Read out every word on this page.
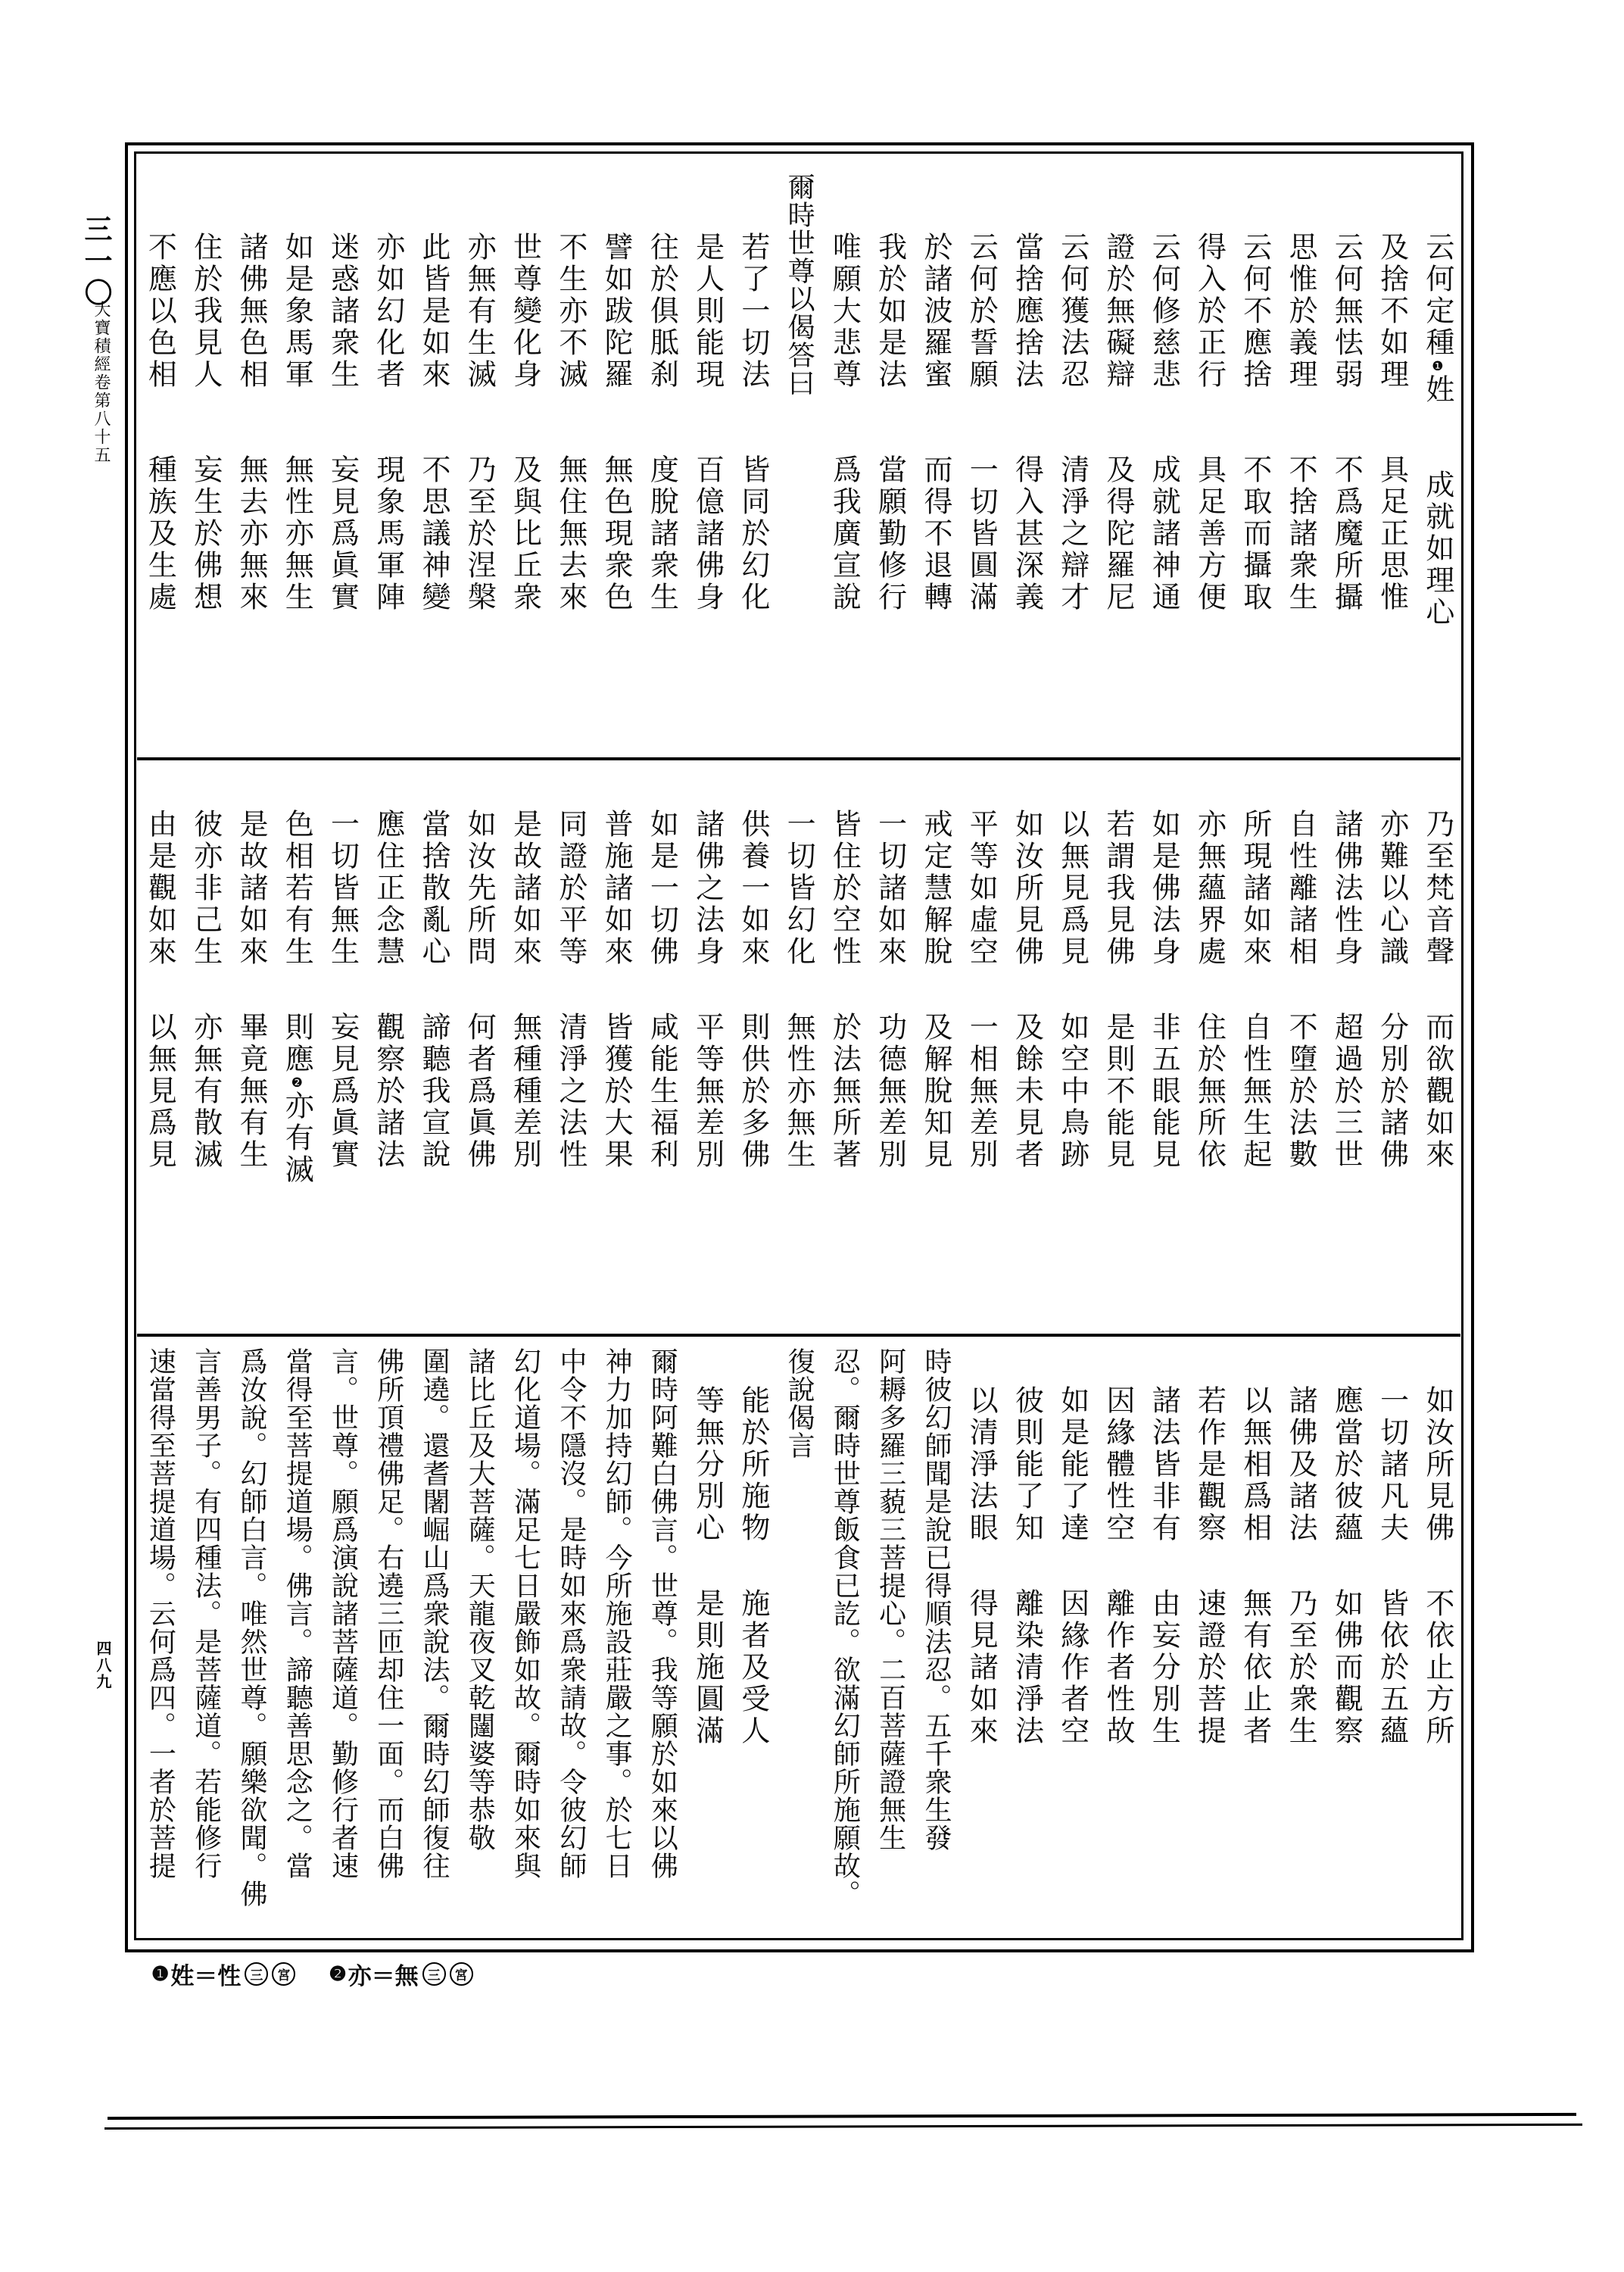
三一〇
大寶積經卷第八十五
四八九
云何定種❶姓成就如理心
及捨不如理具足正思惟
云何無怯弱不爲魔所攝
思惟於義理不捨諸衆生
云何不應捨不取而攝取
得入於正行具足善方便
云何修慈悲成就諸神通
證於無礙辯及得陀羅尼
云何獲法忍清淨之辯才
當捨應捨法得入甚深義
云何於誓願一切皆圓滿
於諸波羅蜜而得不退轉
我於如是法當願勤修行
唯願大悲尊爲我廣宣說
爾時世尊以偈答曰
若了一切法皆同於幻化
是人則能現百億諸佛身
往於俱胝刹度脫諸衆生
譬如跋陀羅無色現衆色
不生亦不滅無住無去來
世尊變化身及與比丘衆
亦無有生滅乃至於涅槃
此皆是如來不思議神變
亦如幻化者現象馬軍陣
迷惑諸衆生妄見爲眞實
如是象馬軍無性亦無生
諸佛無色相無去亦無來
住於我見人妄生於佛想
不應以色相種族及生處
乃至梵音聲而欲觀如來
亦難以心識分別於諸佛
諸佛法性身超過於三世
自性離諸相不墮於法數
所現諸如來自性無生起
亦無蘊界處住於無所依
如是佛法身非五眼能見
若謂我見佛是則不能見
以無見爲見如空中鳥跡
如汝所見佛及餘未見者
平等如虛空一相無差別
戒定慧解脫及解脫知見
一切諸如來功德無差別
皆住於空性於法無所著
一切皆幻化無性亦無生
供養一如來則供於多佛
諸佛之法身平等無差別
如是一切佛咸能生福利
普施諸如來皆獲於大果
同證於平等清淨之法性
是故諸如來無種種差別
如汝先所問何者爲眞佛
當捨散亂心諦聽我宣說
應住正念慧觀察於諸法
一切皆無生妄見爲眞實
色相若有生則應❷亦有滅
是故諸如來畢竟無有生
彼亦非己生亦無有散滅
由是觀如來以無見爲見
如汝所見佛不依止方所
一切諸凡夫皆依於五蘊
應當於彼蘊如佛而觀察
諸佛及諸法乃至於衆生
以無相爲相無有依止者
若作是觀察速證於菩提
諸法皆非有由妄分別生
因緣體性空離作者性故
如是能了達因緣作者空
彼則能了知離染清淨法
以清淨法眼得見諸如來
時彼幻師聞是說已得順法忍。五千衆生發
阿耨多羅三藐三菩提心。二百菩薩證無生
忍。爾時世尊飯食已訖。欲滿幻師所施願故。
復說偈言
能於所施物施者及受人
等無分別心是則施圓滿
爾時阿難白佛言。世尊。我等願於如來以佛
神力加持幻師。今所施設莊嚴之事。於七日
中令不隱沒。是時如來爲衆請故。令彼幻師
幻化道場。滿足七日嚴飾如故。爾時如來與
諸比丘及大菩薩。天龍夜叉乾闥婆等恭敬
圍遶。還耆闍崛山爲衆說法。爾時幻師復往
佛所頂禮佛足。右遶三匝却住一面。而白佛
言。世尊。願爲演說諸菩薩道。勤修行者速
當得至菩提道場。佛言。諦聽善思念之。當
爲汝說。幻師白言。唯然世尊。願樂欲聞。佛
言善男子。有四種法。是菩薩道。若能修行
速當得至菩提道場。云何爲四。一者於菩提
❶ 姓＝性 三	宮 ❷ 亦＝無 三	宮
